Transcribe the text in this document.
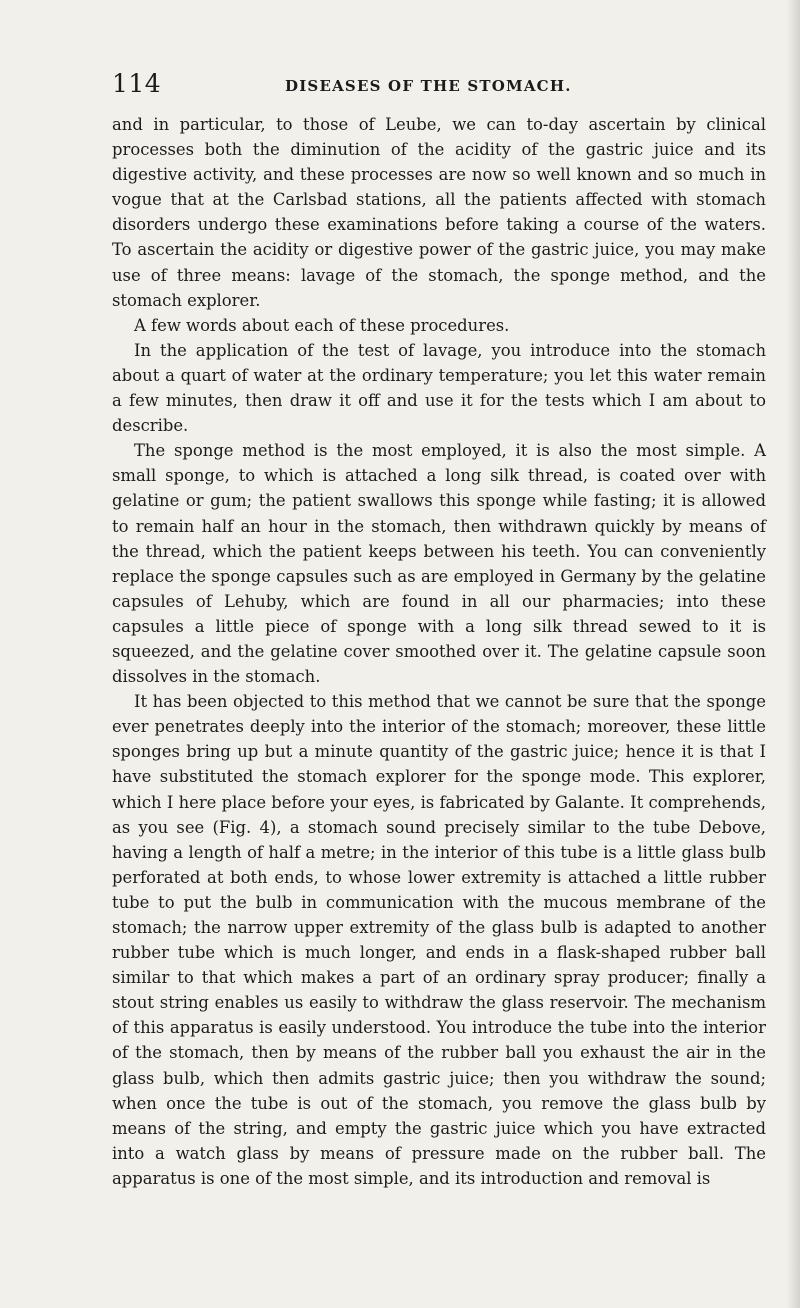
114	DISEASES OF THE STOMACH.

and in particular, to those of Leube, we can to-day ascertain by clinical processes both the diminution of the acidity of the gastric juice and its digestive activity, and these processes are now so well known and so much in vogue that at the Carlsbad stations, all the patients affected with stomach disorders undergo these examinations before taking a course of the waters. To ascertain the acidity or digestive power of the gastric juice, you may make use of three means: lavage of the stomach, the sponge method, and the stomach explorer.

A few words about each of these procedures.

In the application of the test of lavage, you introduce into the stomach about a quart of water at the ordinary temperature; you let this water remain a few minutes, then draw it off and use it for the tests which I am about to describe.

The sponge method is the most employed, it is also the most simple. A small sponge, to which is attached a long silk thread, is coated over with gelatine or gum; the patient swallows this sponge while fasting; it is allowed to remain half an hour in the stomach, then withdrawn quickly by means of the thread, which the patient keeps between his teeth. You can conveniently replace the sponge capsules such as are employed in Germany by the gelatine capsules of Lehuby, which are found in all our pharmacies; into these capsules a little piece of sponge with a long silk thread sewed to it is squeezed, and the gelatine cover smoothed over it. The gelatine capsule soon dissolves in the stomach.

It has been objected to this method that we cannot be sure that the sponge ever penetrates deeply into the interior of the stomach; moreover, these little sponges bring up but a minute quantity of the gastric juice; hence it is that I have substituted the stomach explorer for the sponge mode. This explorer, which I here place before your eyes, is fabricated by Galante. It comprehends, as you see (Fig. 4), a stomach sound precisely similar to the tube Debove, having a length of half a metre; in the interior of this tube is a little glass bulb perforated at both ends, to whose lower extremity is attached a little rubber tube to put the bulb in communication with the mucous membrane of the stomach; the narrow upper extremity of the glass bulb is adapted to another rubber tube which is much longer, and ends in a flask-shaped rubber ball similar to that which makes a part of an ordinary spray producer; finally a stout string enables us easily to withdraw the glass reservoir. The mechanism of this apparatus is easily understood. You introduce the tube into the interior of the stomach, then by means of the rubber ball you exhaust the air in the glass bulb, which then admits gastric juice; then you withdraw the sound; when once the tube is out of the stomach, you remove the glass bulb by means of the string, and empty the gastric juice which you have extracted into a watch glass by means of pressure made on the rubber ball. The apparatus is one of the most simple, and its introduction and removal is
